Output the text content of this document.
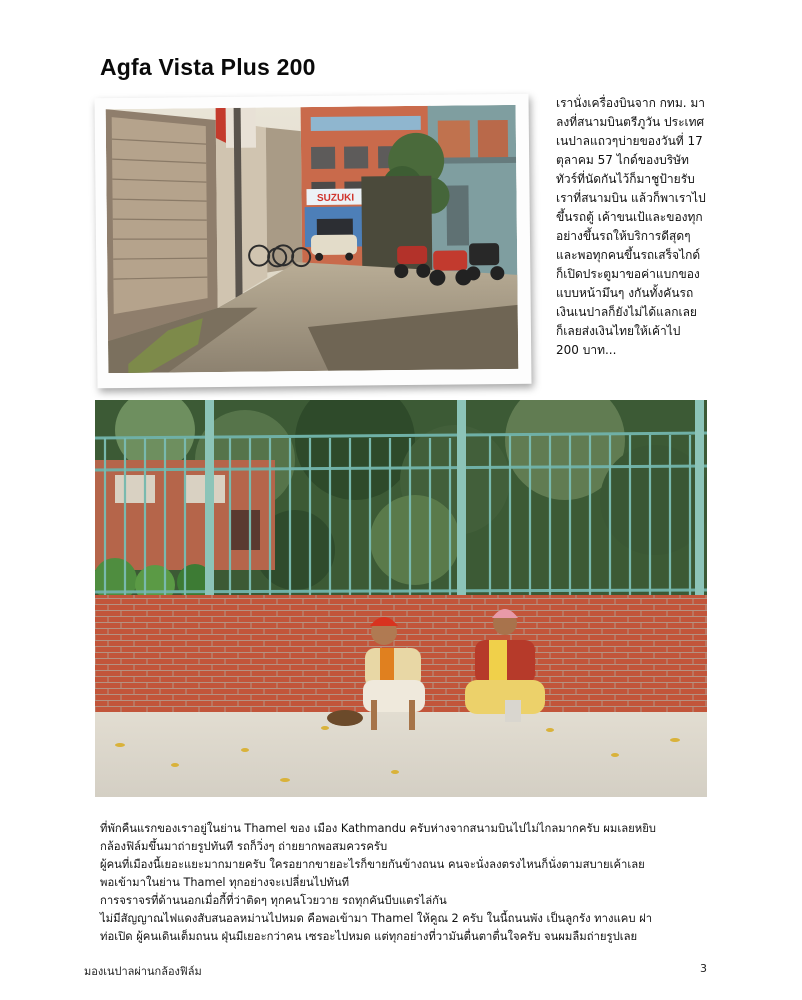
Agfa Vista Plus 200
SUZUKI

เรานั่งเครื่องบินจาก กทม. มา

ลงที่สนามบินตรีภูวัน ประเทศ

เนปาลแถวๆบ่ายของวันที่ 17

ตุลาคม 57 ไกด์ของบริษัท

ทัวร์ที่นัดกันไว้ก็มาชูป้ายรับ

เราที่สนามบิน แล้วก็พาเราไป

ขึ้นรถตู้ เค้าขนเป้และของทุก

อย่างขึ้นรถให้บริการดีสุดๆ

และพอทุกคนขึ้นรถเสร็จไกด์

ก็เปิดประตูมาขอค่าแบกของ

แบบหน้ามึนๆ งกันทั้งคันรถ

เงินเนปาลก็ยังไม่ได้แลกเลย

ก็เลยส่งเงินไทยให้เค้าไป

200 บาท...

ที่พักคืนแรกของเราอยู่ในย่าน Thamel ของ เมือง Kathmandu ครับห่างจากสนามบินไปไม่ไกลมากครับ ผมเลยหยิบ

กล้องฟิล์มขึ้นมาถ่ายรูปทันที รถก็วิ่งๆ ถ่ายยากพอสมควรครับ

ผู้คนที่เมืองนี้เยอะแยะมากมายครับ ใครอยากขายอะไรก็ขายกันข้างถนน คนจะนั่งลงตรงไหนก็นั่งตามสบายเค้าเลย

พอเข้ามาในย่าน Thamel ทุกอย่างจะเปลี่ยนไปทันที

การจราจรที่ด้านนอกเมื่อกี้ที่ว่าติดๆ ทุกคนโวยวาย รถทุกคันบีบแตรไล่กัน

ไม่มีสัญญาณไฟแดงสับสนอลหม่านไปหมด คือพอเข้ามา Thamel ให้คูณ 2 ครับ ในนี้ถนนพัง เป็นลูกรัง ทางแคบ ฝา

ท่อเปิด ผู้คนเดินเต็มถนน ฝุ่นมีเยอะกว่าคน เซรอะไปหมด แต่ทุกอย่างที่วามันตื่นตาตื่นใจครับ จนผมลืมถ่ายรูปเลย

มองเนปาลผ่านกล้องฟิล์ม	3
